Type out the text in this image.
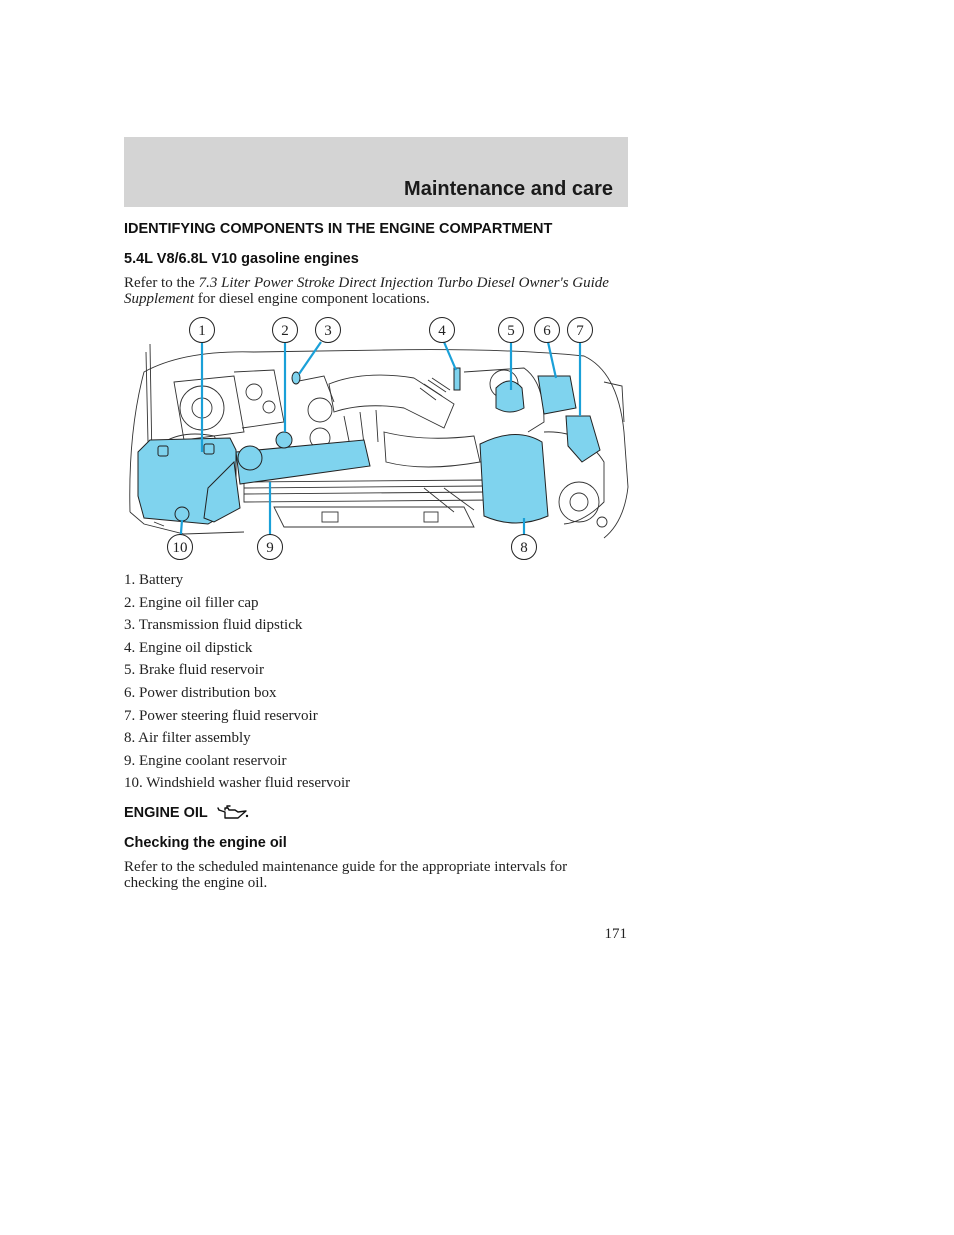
Maintenance and care
IDENTIFYING COMPONENTS IN THE ENGINE COMPARTMENT
5.4L V8/6.8L V10 gasoline engines
Refer to the 7.3 Liter Power Stroke Direct Injection Turbo Diesel Owner's Guide Supplement for diesel engine component locations.
1	2 3	4	5 6 7
8
9
10
1. Battery
2. Engine oil filler cap
3. Transmission fluid dipstick
4. Engine oil dipstick
5. Brake fluid reservoir
6. Power distribution box
7. Power steering fluid reservoir
8. Air filter assembly
9. Engine coolant reservoir
10. Windshield washer fluid reservoir
ENGINE OIL
Checking the engine oil
Refer to the scheduled maintenance guide for the appropriate intervals for checking the engine oil.
171
